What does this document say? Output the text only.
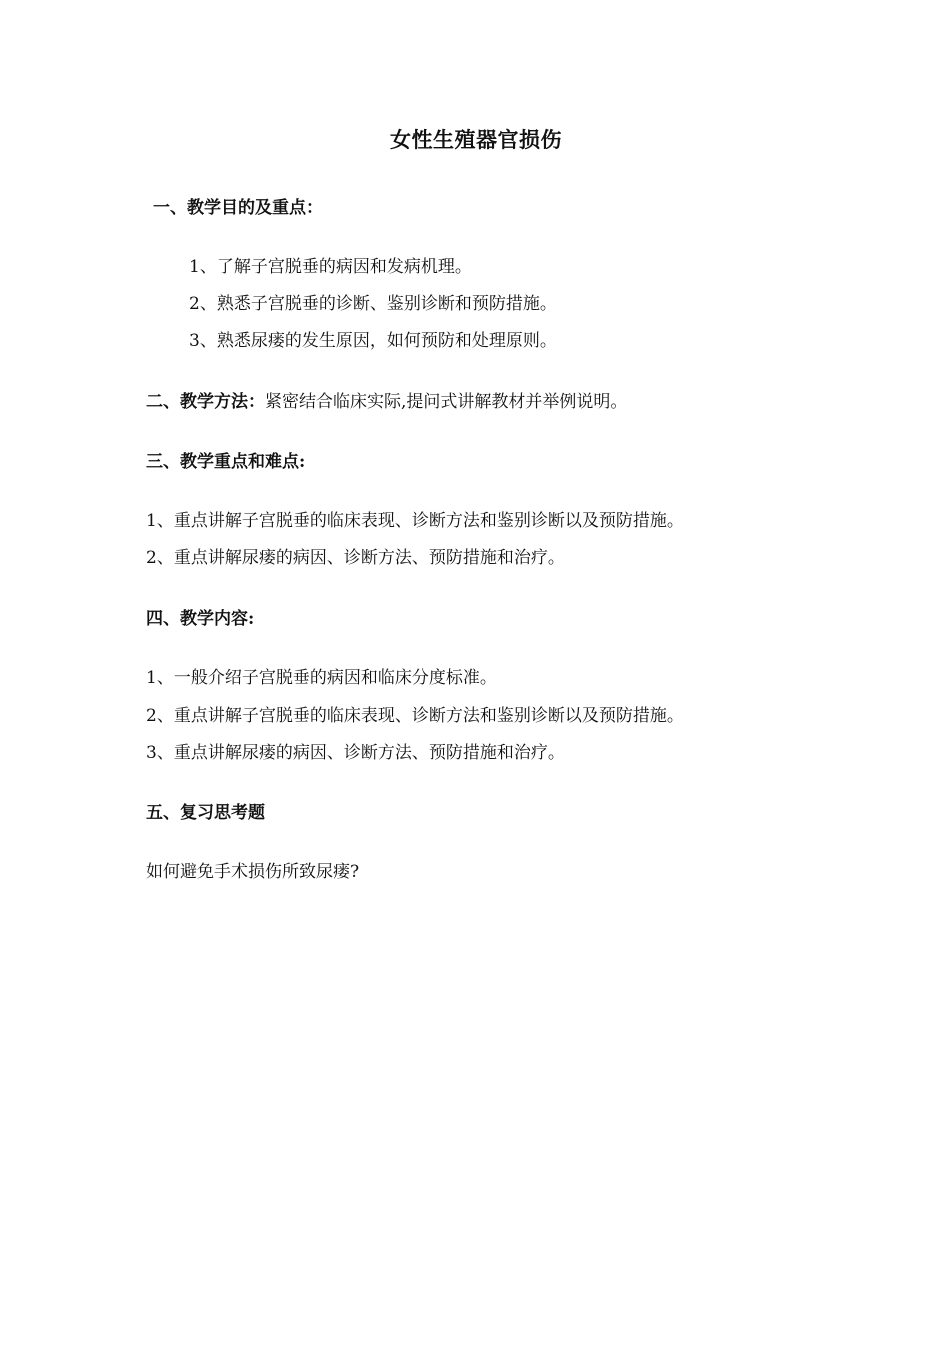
女性生殖器官损伤
一、教学目的及重点：
1、了解子宫脱垂的病因和发病机理。
2、熟悉子宫脱垂的诊断、鉴别诊断和预防措施。
3、熟悉尿瘘的发生原因，如何预防和处理原则。
二、教学方法：紧密结合临床实际,提问式讲解教材并举例说明。
三、教学重点和难点:
1、重点讲解子宫脱垂的临床表现、诊断方法和鉴别诊断以及预防措施。
2、重点讲解尿瘘的病因、诊断方法、预防措施和治疗。
四、教学内容:
1、一般介绍子宫脱垂的病因和临床分度标准。
2、重点讲解子宫脱垂的临床表现、诊断方法和鉴别诊断以及预防措施。
3、重点讲解尿瘘的病因、诊断方法、预防措施和治疗。
五、复习思考题
如何避免手术损伤所致尿瘘?
